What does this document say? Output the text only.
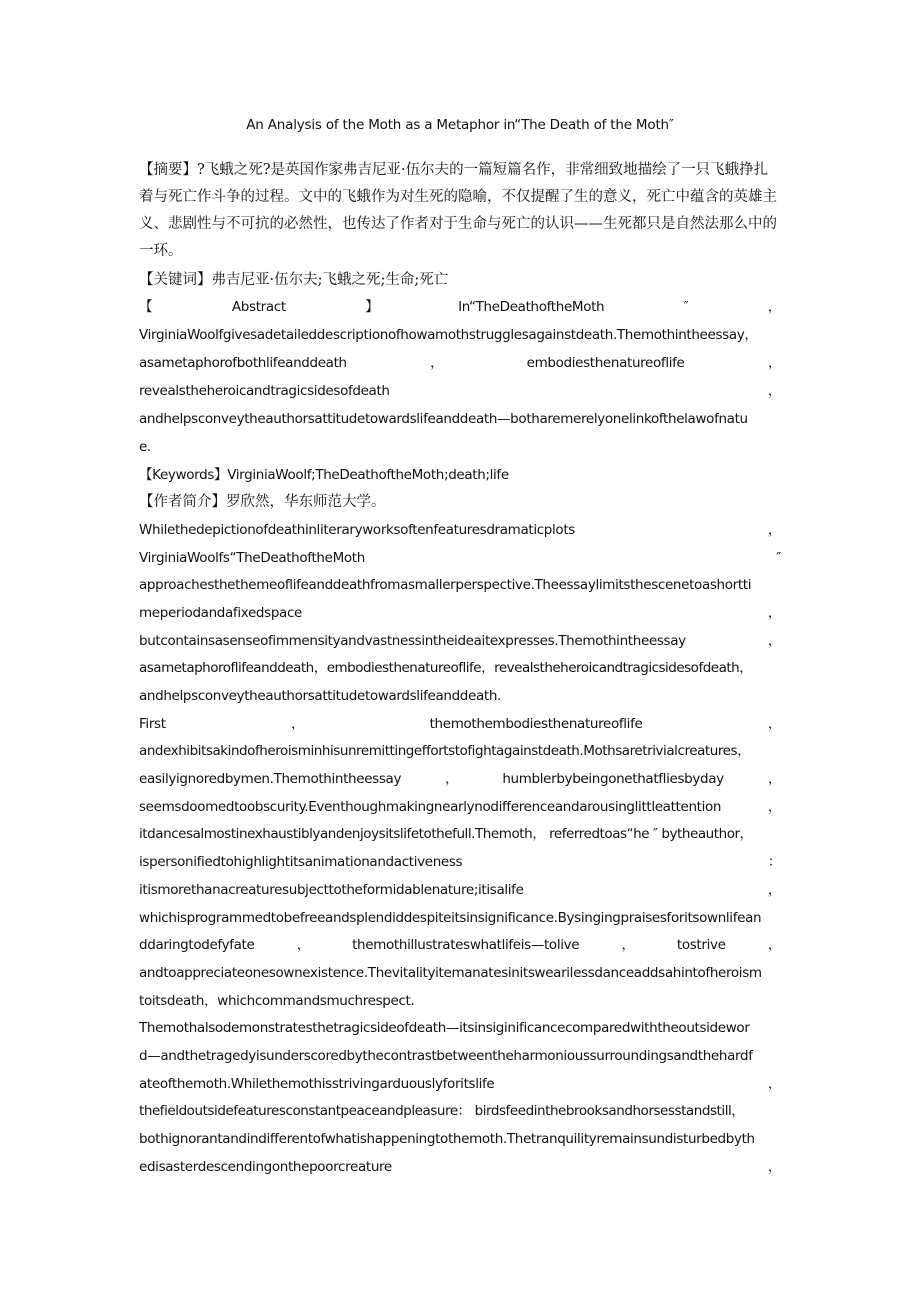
An Analysis of the Moth as a Metaphor in“The Death of the Moth″
【摘要】?飞蛾之死?是英国作家弗吉尼亚·伍尔夫的一篇短篇名作，非常细致地描绘了一只飞蛾挣扎着与死亡作斗争的过程。文中的飞蛾作为对生死的隐喻，不仅提醒了生的意义，死亡中蕴含的英雄主义、悲剧性与不可抗的必然性，也传达了作者对于生命与死亡的认识——生死都只是自然法那么中的一环。
【关键词】弗吉尼亚·伍尔夫;飞蛾之死;生命;死亡
【	Abstract	】	In“TheDeathoftheMoth	″	，
VirginiaWoolfgivesadetaileddescriptionofhowamothstrugglesagainstdeath.Themothintheessay，
asametaphorofbothlifeanddeath	，	embodiesthenatureoflife	，
revealstheheroicandtragicsidesofdeath	，
andhelpsconveytheauthorsattitudetowardslifeanddeath—botharemerelyonelinkofthelawofnatu
e.
【Keywords】VirginiaWoolf;TheDeathoftheMoth;death;life
【作者简介】罗欣然，华东师范大学。
Whilethedepictionofdeathinliteraryworksoftenfeaturesdramaticplots	，
VirginiaWoolfs“TheDeathoftheMoth	″
approachesthethemeoflifeanddeathfromasmallerperspective.Theessaylimitsthescenetoashortti
meperiodandafixedspace	，
butcontainsasenseofimmensityandvastnessintheideaitexpresses.Themothintheessay	，
asametaphoroflifeanddeath，embodiesthenatureoflife，revealstheheroicandtragicsidesofdeath，
andhelpsconveytheauthorsattitudetowardslifeanddeath.
First	，	themothembodiesthenatureoflife	，
andexhibitsakindofheroisminhisunremittingeffortstofightagainstdeath.Mothsaretrivialcreatures，
easilyignoredbymen.Themothintheessay	，	humblerbybeingonethatfliesbyday	，
seemsdoomedtoobscurity.Eventhoughmakingnearlynodifferenceandarousinglittleattention	，
itdancesalmostinexhaustiblyandenjoysitslifetothefull.Themoth， referredtoas“he ″ bytheauthor，
ispersonifiedtohighlightitsanimationandactiveness	：
itismorethanacreaturesubjecttotheformidablenature;itisalife	，
whichisprogrammedtobefreeandsplendiddespiteitsinsignificance.Bysingingpraisesforitsownlifean
ddaringtodefyfate	，	themothillustrateswhatlifeis—tolive	，	tostrive	，
andtoappreciateonesownexistence.Thevitalityitemanatesinitswearilessdanceaddsahintofheroism
toitsdeath，whichcommandsmuchrespect.
Themothalsodemonstratesthetragicsideofdeath—itsinsiginificancecomparedwiththeoutsidewor
d—andthetragedyisunderscoredbythecontrastbetweentheharmonioussurroundingsandthehardf
ateofthemoth.Whilethemothisstrivingarduouslyforitslife	，
thefieldoutsidefeaturesconstantpeaceandpleasure： birdsfeedinthebrooksandhorsesstandstill，
bothignorantandindifferentofwhatishappeningtothemoth.Thetranquilityremainsundisturbedbyth
edisasterdescendingonthepoorcreature	，
